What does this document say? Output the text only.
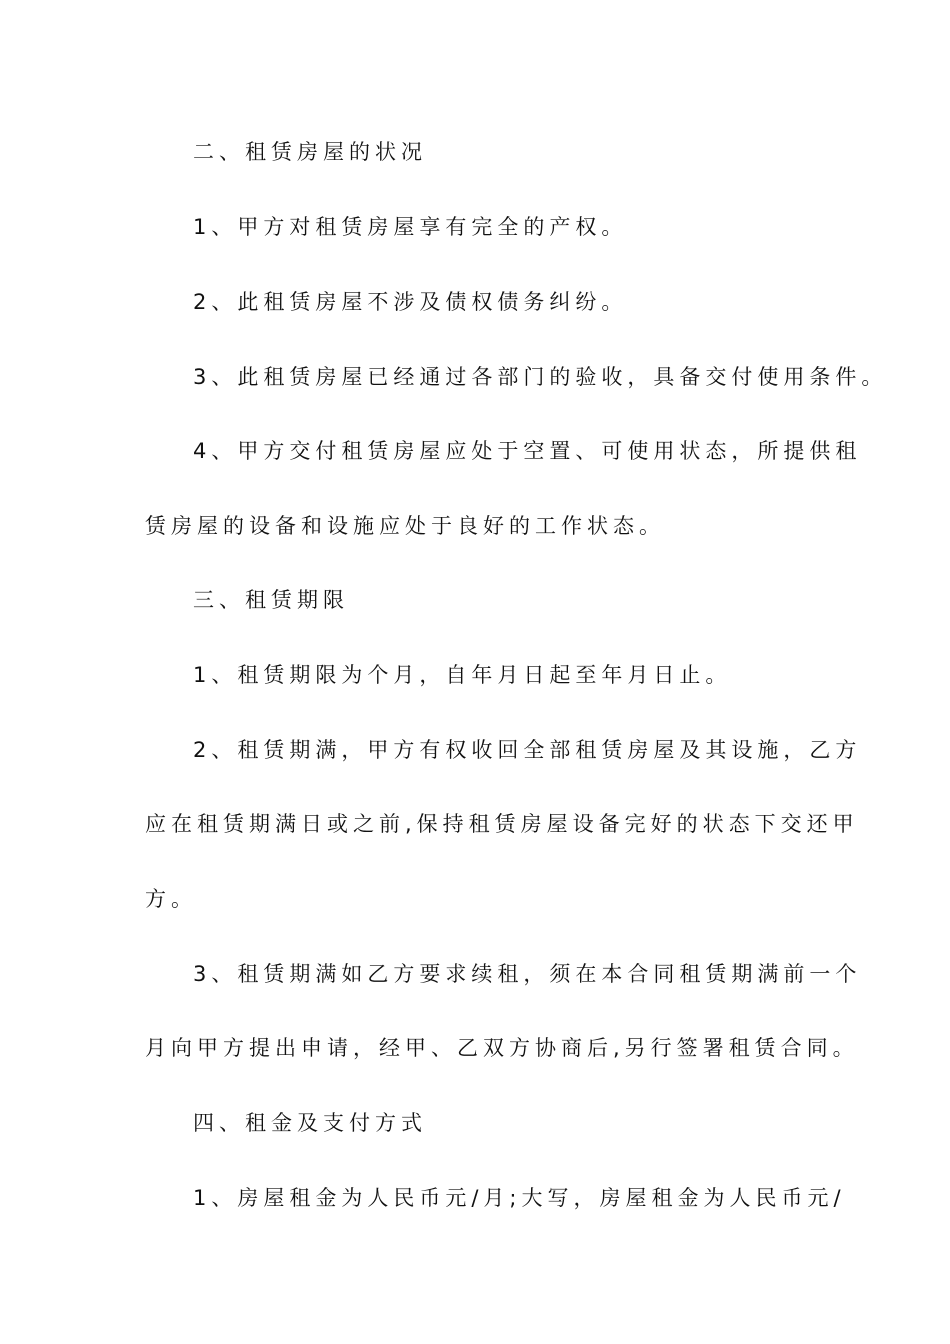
二、租赁房屋的状况
1、甲方对租赁房屋享有完全的产权。
2、此租赁房屋不涉及债权债务纠纷。
3、此租赁房屋已经通过各部门的验收，具备交付使用条件。
4、甲方交付租赁房屋应处于空置、可使用状态，所提供租
赁房屋的设备和设施应处于良好的工作状态。
三、租赁期限
1、租赁期限为个月，自年月日起至年月日止。
2、租赁期满，甲方有权收回全部租赁房屋及其设施，乙方
应在租赁期满日或之前,保持租赁房屋设备完好的状态下交还甲
方。
3、租赁期满如乙方要求续租，须在本合同租赁期满前一个
月向甲方提出申请，经甲、乙双方协商后,另行签署租赁合同。
四、租金及支付方式
1、房屋租金为人民币元/月;大写，房屋租金为人民币元/
